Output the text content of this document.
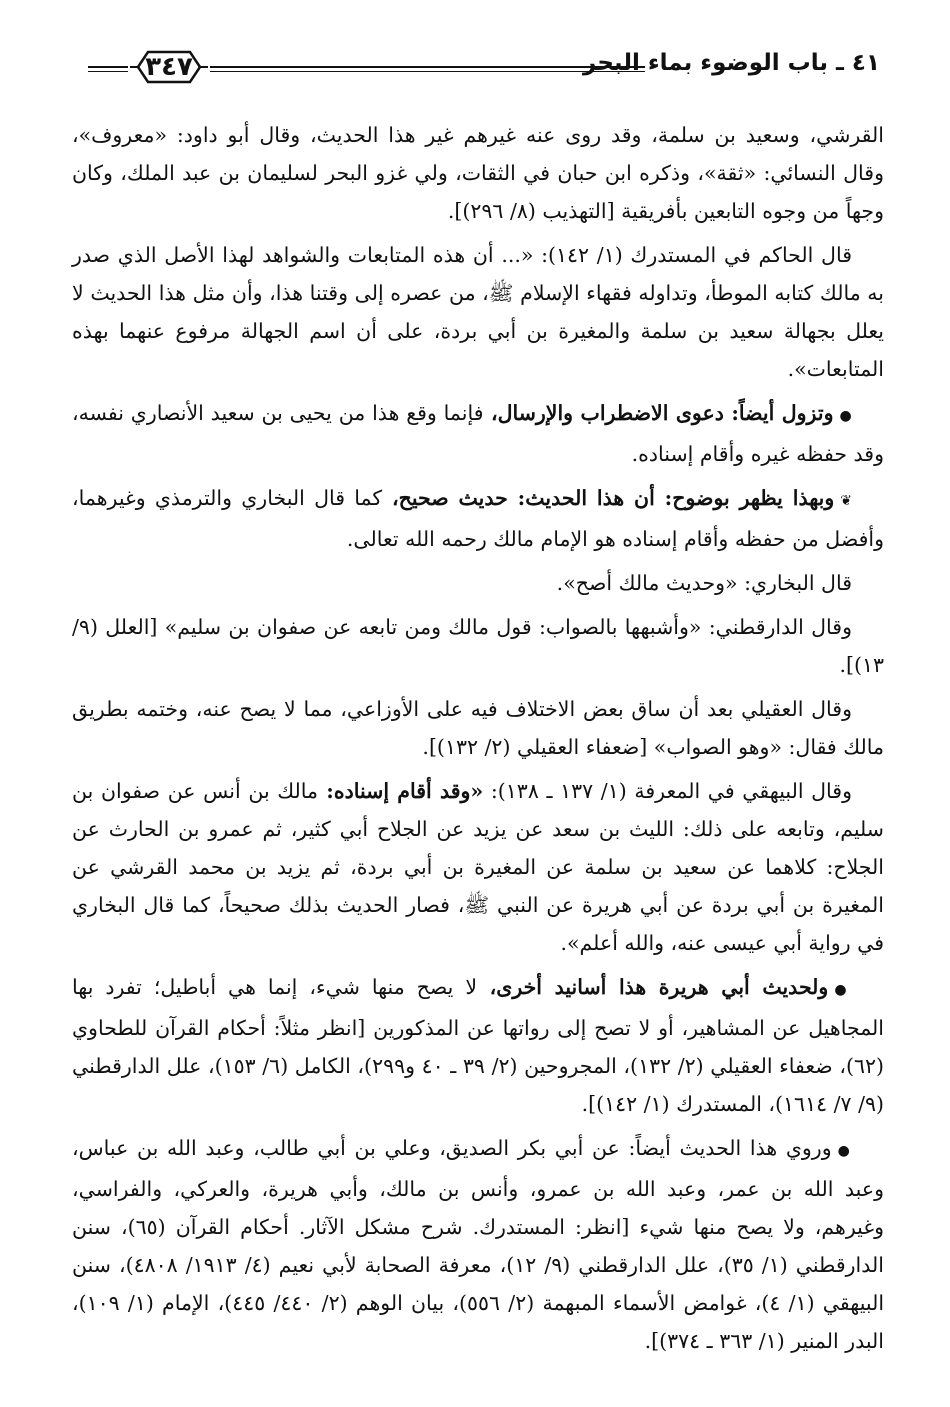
٤١ ـ باب الوضوء بماء البحر
٣٤٧

القرشي، وسعيد بن سلمة، وقد روى عنه غيرهم غير هذا الحديث، وقال أبو داود: «معروف»، وقال النسائي: «ثقة»، وذكره ابن حبان في الثقات، ولي غزو البحر لسليمان بن عبد الملك، وكان وجهاً من وجوه التابعين بأفريقية [التهذيب (٨/ ٢٩٦)].

قال الحاكم في المستدرك (١/ ١٤٢): «... أن هذه المتابعات والشواهد لهذا الأصل الذي صدر به مالك كتابه الموطأ، وتداوله فقهاء الإسلام ﷺ، من عصره إلى وقتنا هذا، وأن مثل هذا الحديث لا يعلل بجهالة سعيد بن سلمة والمغيرة بن أبي بردة، على أن اسم الجهالة مرفوع عنهما بهذه المتابعات».

●وتزول أيضاً: دعوى الاضطراب والإرسال، فإنما وقع هذا من يحيى بن سعيد الأنصاري نفسه، وقد حفظه غيره وأقام إسناده.

❦وبهذا يظهر بوضوح: أن هذا الحديث: حديث صحيح، كما قال البخاري والترمذي وغيرهما، وأفضل من حفظه وأقام إسناده هو الإمام مالك رحمه الله تعالى.

قال البخاري: «وحديث مالك أصح».

وقال الدارقطني: «وأشبهها بالصواب: قول مالك ومن تابعه عن صفوان بن سليم» [العلل (٩/ ١٣)].

وقال العقيلي بعد أن ساق بعض الاختلاف فيه على الأوزاعي، مما لا يصح عنه، وختمه بطريق مالك فقال: «وهو الصواب» [ضعفاء العقيلي (٢/ ١٣٢)].

وقال البيهقي في المعرفة (١/ ١٣٧ ـ ١٣٨): «وقد أقام إسناده: مالك بن أنس عن صفوان بن سليم، وتابعه على ذلك: الليث بن سعد عن يزيد عن الجلاح أبي كثير، ثم عمرو بن الحارث عن الجلاح: كلاهما عن سعيد بن سلمة عن المغيرة بن أبي بردة، ثم يزيد بن محمد القرشي عن المغيرة بن أبي بردة عن أبي هريرة عن النبي ﷺ، فصار الحديث بذلك صحيحاً، كما قال البخاري في رواية أبي عيسى عنه، والله أعلم».

●ولحديث أبي هريرة هذا أسانيد أخرى، لا يصح منها شيء، إنما هي أباطيل؛ تفرد بها المجاهيل عن المشاهير، أو لا تصح إلى رواتها عن المذكورين [انظر مثلاً: أحكام القرآن للطحاوي (٦٢)، ضعفاء العقيلي (٢/ ١٣٢)، المجروحين (٢/ ٣٩ ـ ٤٠ و٢٩٩)، الكامل (٦/ ١٥٣)، علل الدارقطني (٩/ ٧/ ١٦١٤)، المستدرك (١/ ١٤٢)].

●وروي هذا الحديث أيضاً: عن أبي بكر الصديق، وعلي بن أبي طالب، وعبد الله بن عباس، وعبد الله بن عمر، وعبد الله بن عمرو، وأنس بن مالك، وأبي هريرة، والعركي، والفراسي، وغيرهم، ولا يصح منها شيء [انظر: المستدرك. شرح مشكل الآثار. أحكام القرآن (٦٥)، سنن الدارقطني (١/ ٣٥)، علل الدارقطني (٩/ ١٢)، معرفة الصحابة لأبي نعيم (٤/ ١٩١٣/ ٤٨٠٨)، سنن البيهقي (١/ ٤)، غوامض الأسماء المبهمة (٢/ ٥٥٦)، بيان الوهم (٢/ ٤٤٠/ ٤٤٥)، الإمام (١/ ١٠٩)، البدر المنير (١/ ٣٦٣ ـ ٣٧٤)].
